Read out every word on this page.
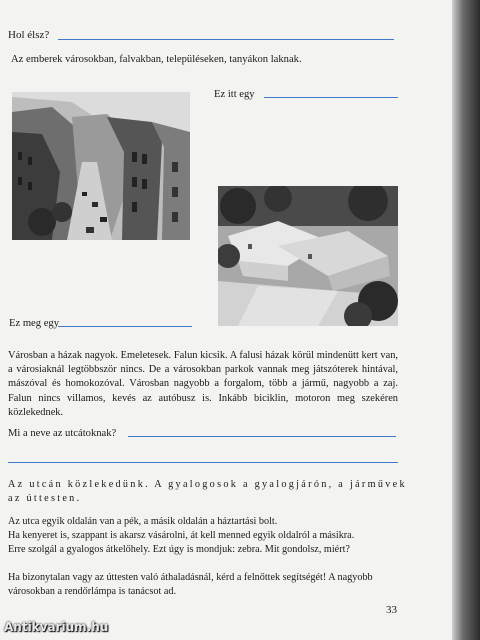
Hol élsz?
Az emberek városokban, falvakban, településeken, tanyákon laknak.
Ez itt egy
Ez meg egy

Városban a házak nagyok. Emeletesek. Falun kicsik. A falusi házak körül mindenütt kert van, a városiaknál legtöbbször nincs. De a városokban parkok vannak meg játszóterek hintával, mászóval és homokozóval. Városban nagyobb a forgalom, több a jármű, nagyobb a zaj. Falun nincs villamos, kevés az autóbusz is. Inkább biciklin, motoron meg szekéren közlekednek.

Mi a neve az utcátoknak?
Az utcán közlekedünk. A gyalogosok a gyalogjárón, a járművek
az úttesten.
Az utca egyik oldalán van a pék, a másik oldalán a háztartási bolt.
Ha kenyeret is, szappant is akarsz vásárolni, át kell menned egyik oldalról a másikra.
Erre szolgál a gyalogos átkelőhely. Ezt úgy is mondjuk: zebra. Mit gondolsz, miért?

Ha bizonytalan vagy az úttesten való áthaladásnál, kérd a felnőttek segítségét! A nagyobb városokban a rendőrlámpa is tanácsot ad.

33
Antikvarium.hu
